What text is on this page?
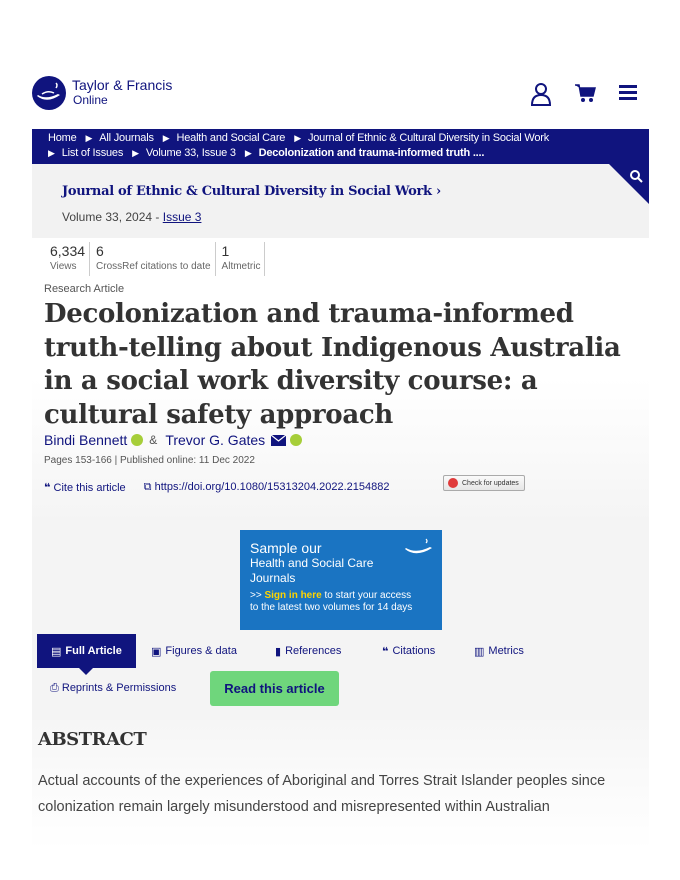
Taylor & Francis
Online
Home ▶ All Journals ▶ Health and Social Care ▶ Journal of Ethnic & Cultural Diversity in Social Work
▶ List of Issues ▶ Volume 33, Issue 3 ▶ Decolonization and trauma-informed truth ....
Journal of Ethnic & Cultural Diversity in Social Work ›
Volume 33, 2024 - Issue 3
6,334
Views
6
CrossRef citations to date
1
Altmetric
Research Article
Decolonization and trauma-informed truth-telling about Indigenous Australia in a social work diversity course: a cultural safety approach
Bindi Bennett & Trevor G. Gates
Pages 153-166 | Published online: 11 Dec 2022
❝ Cite this article ⧉ https://doi.org/10.1080/15313204.2022.2154882	Check for updates
Sample our
Health and Social Care
Journals
>> Sign in here to start your access
to the latest two volumes for 14 days
▤ Full Article	▣ Figures & data	▮ References	❝ Citations	▥ Metrics
⎙ Reprints & Permissions	Read this article
ABSTRACT

Actual accounts of the experiences of Aboriginal and Torres Strait Islander peoples since colonization remain largely misunderstood and misrepresented within Australian
